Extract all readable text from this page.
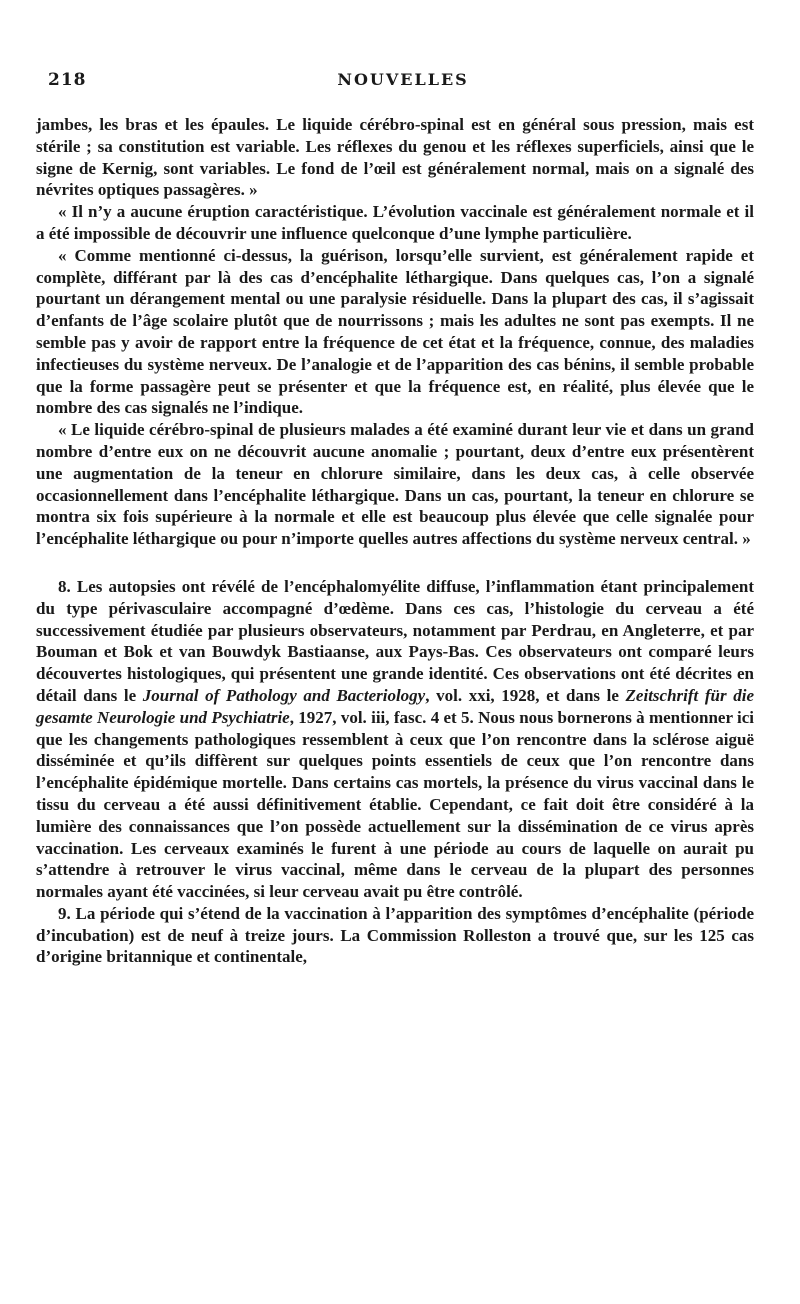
218	NOUVELLES

jambes, les bras et les épaules. Le liquide cérébro-spinal est en général sous pression, mais est stérile ; sa constitution est variable. Les réflexes du genou et les réflexes superficiels, ainsi que le signe de Kernig, sont variables. Le fond de l’œil est généralement normal, mais on a signalé des névrites optiques passagères. »

« Il n’y a aucune éruption caractéristique. L’évolution vaccinale est généralement normale et il a été impossible de découvrir une influence quelconque d’une lymphe particulière.

« Comme mentionné ci-dessus, la guérison, lorsqu’elle survient, est généralement rapide et complète, différant par là des cas d’encéphalite léthargique. Dans quelques cas, l’on a signalé pourtant un dérangement mental ou une paralysie résiduelle. Dans la plupart des cas, il s’agissait d’enfants de l’âge scolaire plutôt que de nourrissons ; mais les adultes ne sont pas exempts. Il ne semble pas y avoir de rapport entre la fréquence de cet état et la fréquence, connue, des maladies infectieuses du système nerveux. De l’analogie et de l’apparition des cas bénins, il semble probable que la forme passagère peut se présenter et que la fréquence est, en réalité, plus élevée que le nombre des cas signalés ne l’indique.

« Le liquide cérébro-spinal de plusieurs malades a été examiné durant leur vie et dans un grand nombre d’entre eux on ne découvrit aucune anomalie ; pourtant, deux d’entre eux présentèrent une augmentation de la teneur en chlorure similaire, dans les deux cas, à celle observée occasionnellement dans l’encéphalite léthargique. Dans un cas, pourtant, la teneur en chlorure se montra six fois supérieure à la normale et elle est beaucoup plus élevée que celle signalée pour l’encéphalite léthargique ou pour n’importe quelles autres affections du système nerveux central. »

8. Les autopsies ont révélé de l’encéphalomyélite diffuse, l’inflammation étant principalement du type périvasculaire accompagné d’œdème. Dans ces cas, l’histologie du cerveau a été successivement étudiée par plusieurs observateurs, notamment par Perdrau, en Angleterre, et par Bouman et Bok et van Bouwdyk Bastiaanse, aux Pays-Bas. Ces observateurs ont comparé leurs découvertes histologiques, qui présentent une grande identité. Ces observations ont été décrites en détail dans le Journal of Pathology and Bacteriology, vol. xxi, 1928, et dans le Zeitschrift für die gesamte Neurologie und Psychiatrie, 1927, vol. iii, fasc. 4 et 5. Nous nous bornerons à mentionner ici que les changements pathologiques ressemblent à ceux que l’on rencontre dans la sclérose aiguë disséminée et qu’ils diffèrent sur quelques points essentiels de ceux que l’on rencontre dans l’encéphalite épidémique mortelle. Dans certains cas mortels, la présence du virus vaccinal dans le tissu du cerveau a été aussi définitivement établie. Cependant, ce fait doit être considéré à la lumière des connaissances que l’on possède actuellement sur la dissémination de ce virus après vaccination. Les cerveaux examinés le furent à une période au cours de laquelle on aurait pu s’attendre à retrouver le virus vaccinal, même dans le cerveau de la plupart des personnes normales ayant été vaccinées, si leur cerveau avait pu être contrôlé.

9. La période qui s’étend de la vaccination à l’apparition des symptômes d’encéphalite (période d’incubation) est de neuf à treize jours. La Commission Rolleston a trouvé que, sur les 125 cas d’origine britannique et continentale,
